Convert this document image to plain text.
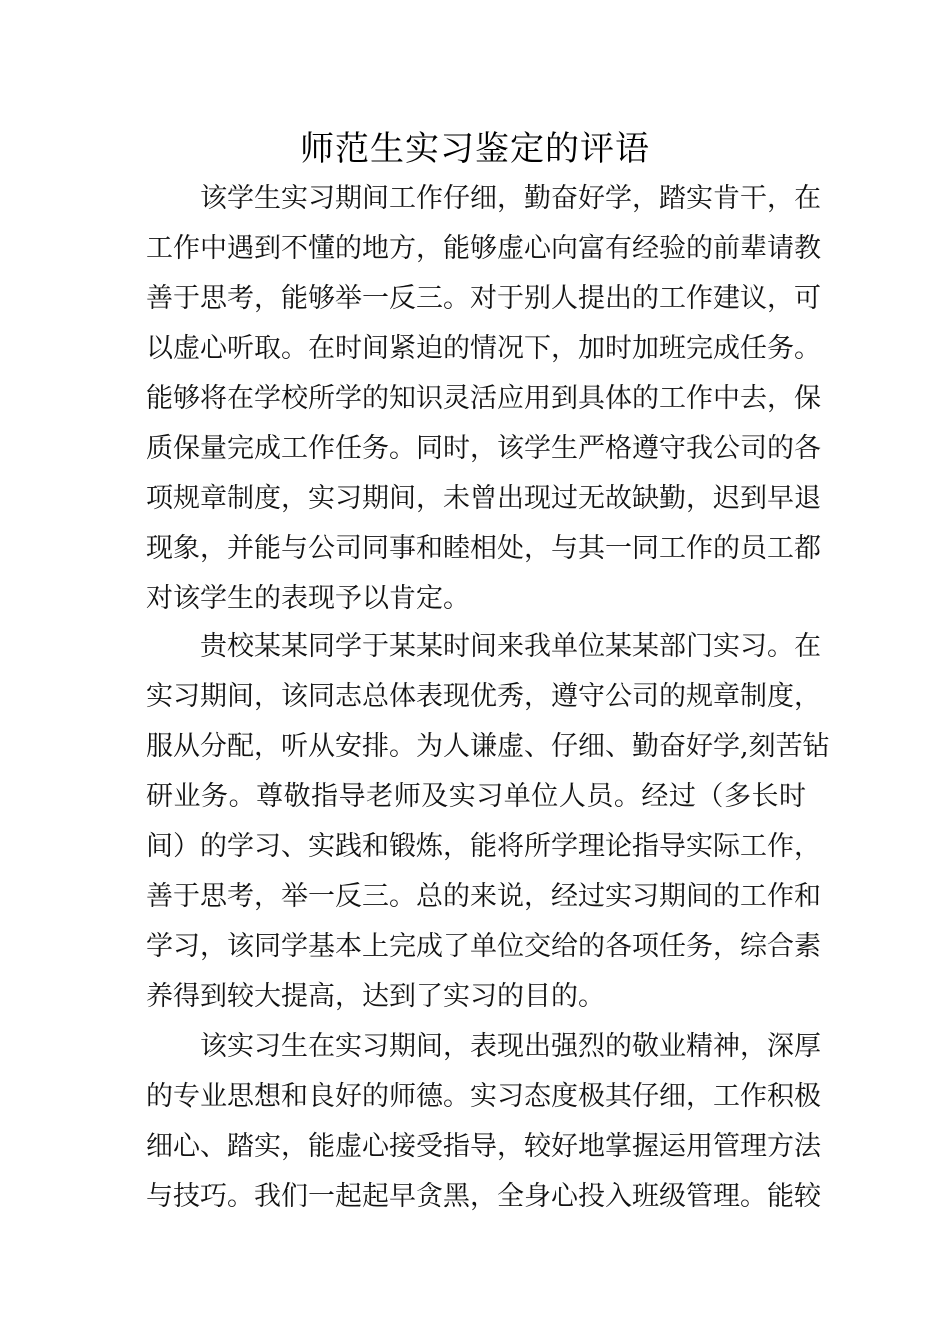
师范生实习鉴定的评语
该学生实习期间工作仔细，勤奋好学，踏实肯干，在
工作中遇到不懂的地方，能够虚心向富有经验的前辈请教
善于思考，能够举一反三。对于别人提出的工作建议，可
以虚心听取。在时间紧迫的情况下，加时加班完成任务。
能够将在学校所学的知识灵活应用到具体的工作中去，保
质保量完成工作任务。同时，该学生严格遵守我公司的各
项规章制度，实习期间，未曾出现过无故缺勤，迟到早退
现象，并能与公司同事和睦相处，与其一同工作的员工都
对该学生的表现予以肯定。
贵校某某同学于某某时间来我单位某某部门实习。在
实习期间，该同志总体表现优秀，遵守公司的规章制度，
服从分配，听从安排。为人谦虚、仔细、勤奋好学,刻苦钻
研业务。尊敬指导老师及实习单位人员。经过（多长时
间）的学习、实践和锻炼，能将所学理论指导实际工作，
善于思考，举一反三。总的来说，经过实习期间的工作和
学习，该同学基本上完成了单位交给的各项任务，综合素
养得到较大提高，达到了实习的目的。
该实习生在实习期间，表现出强烈的敬业精神，深厚
的专业思想和良好的师德。实习态度极其仔细，工作积极
细心、踏实，能虚心接受指导，较好地掌握运用管理方法
与技巧。我们一起起早贪黑，全身心投入班级管理。能较
